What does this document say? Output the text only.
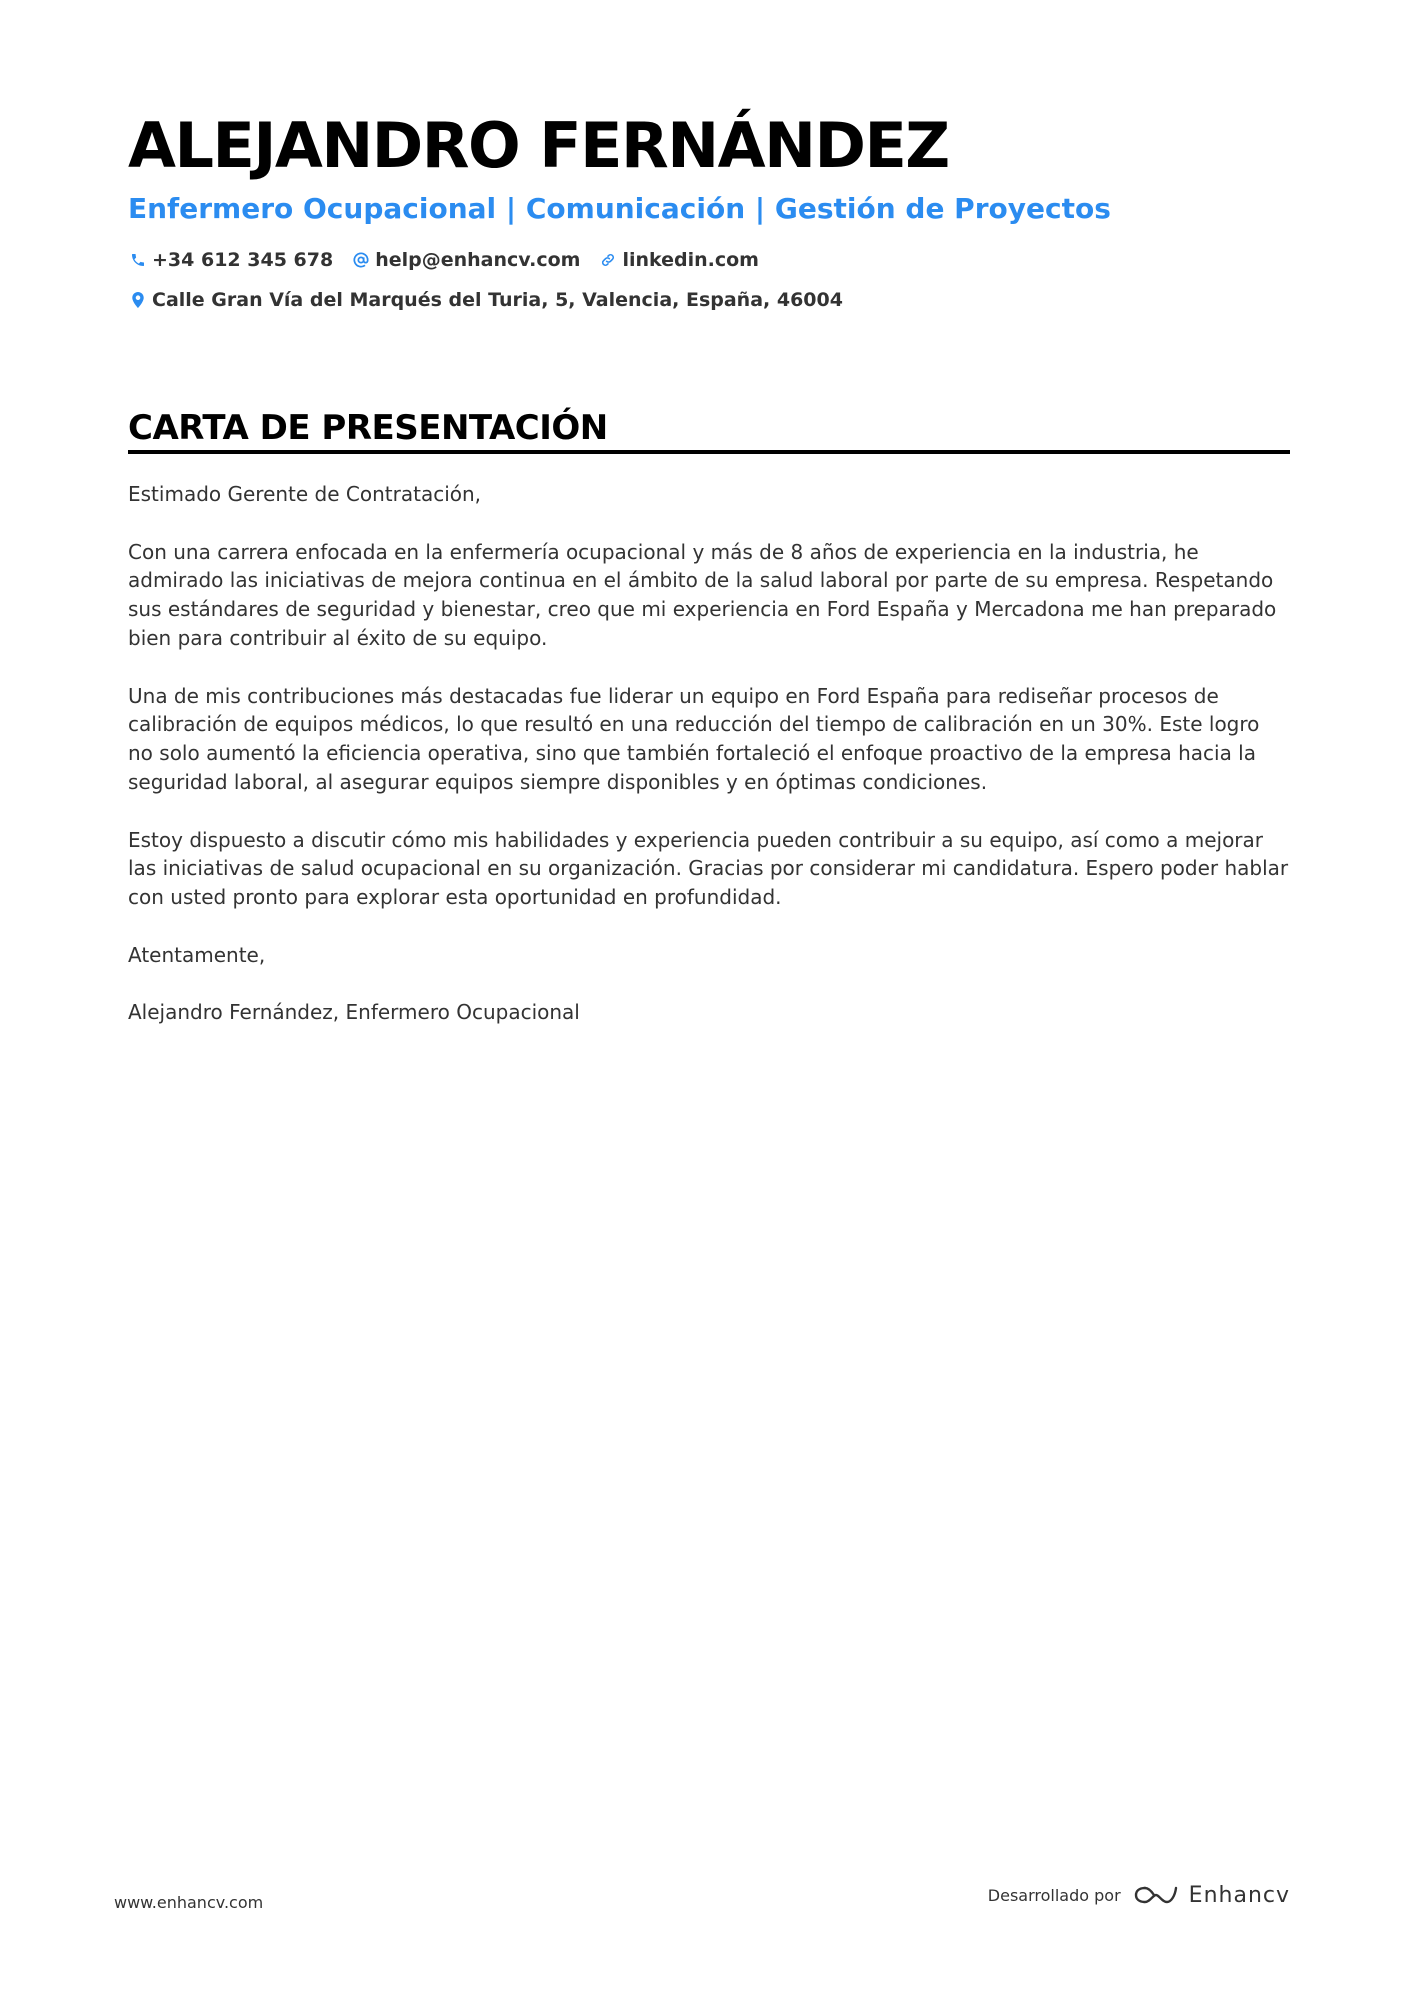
ALEJANDRO FERNÁNDEZ
Enfermero Ocupacional | Comunicación | Gestión de Proyectos
+34 612 345 678 help@enhancv.com linkedin.com
Calle Gran Vía del Marqués del Turia, 5, Valencia, España, 46004
CARTA DE PRESENTACIÓN

Estimado Gerente de Contratación,

Con una carrera enfocada en la enfermería ocupacional y más de 8 años de experiencia en la industria, he admirado las iniciativas de mejora continua en el ámbito de la salud laboral por parte de su empresa. Respetando sus estándares de seguridad y bienestar, creo que mi experiencia en Ford España y Mercadona me han preparado bien para contribuir al éxito de su equipo.

Una de mis contribuciones más destacadas fue liderar un equipo en Ford España para rediseñar procesos de calibración de equipos médicos, lo que resultó en una reducción del tiempo de calibración en un 30%. Este logro no solo aumentó la eficiencia operativa, sino que también fortaleció el enfoque proactivo de la empresa hacia la seguridad laboral, al asegurar equipos siempre disponibles y en óptimas condiciones.

Estoy dispuesto a discutir cómo mis habilidades y experiencia pueden contribuir a su equipo, así como a mejorar las iniciativas de salud ocupacional en su organización. Gracias por considerar mi candidatura. Espero poder hablar con usted pronto para explorar esta oportunidad en profundidad.

Atentamente,

Alejandro Fernández, Enfermero Ocupacional

www.enhancv.com	Desarrollado por	Enhancv
